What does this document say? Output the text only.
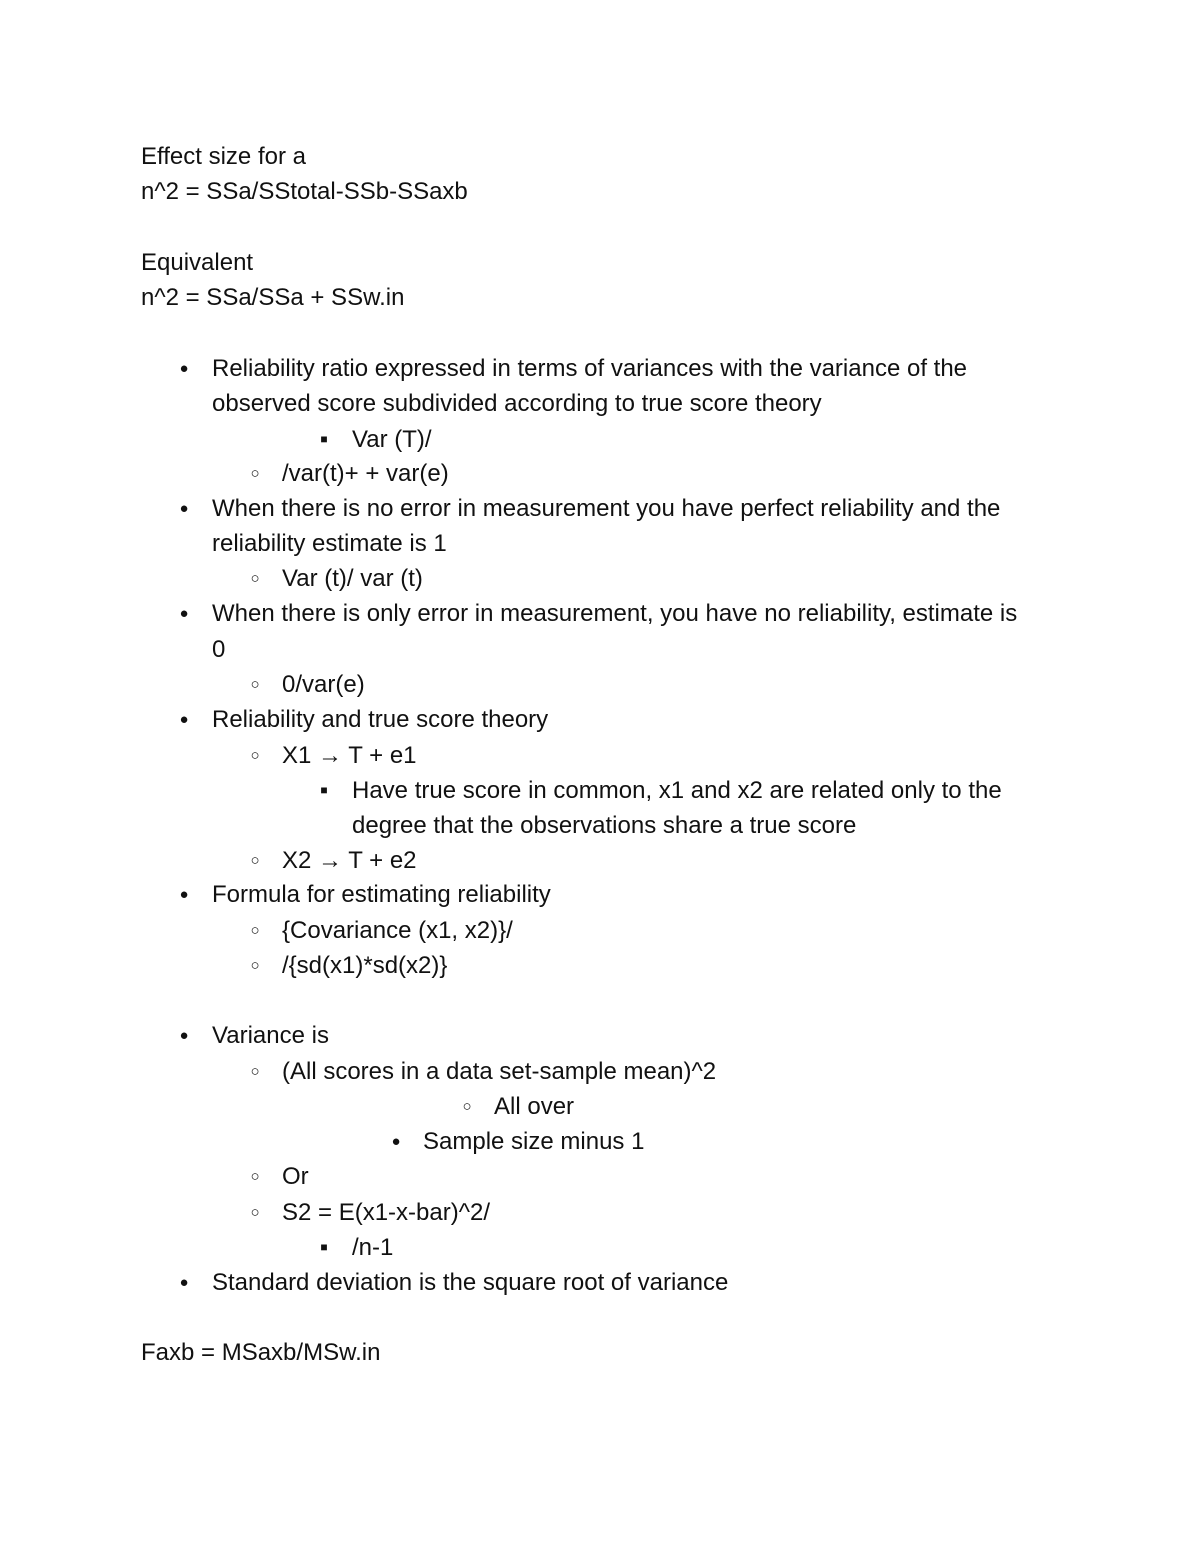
Effect size for a

n^2 = SSa/SStotal-SSb-SSaxb

Equivalent

n^2 = SSa/SSa + SSw.in

● Reliability ratio expressed in terms of variances with the variance of the

observed score subdivided according to true score theory

■	Var (T)/

○ /var(t)+ + var(e)

● When there is no error in measurement you have perfect reliability and the

reliability estimate is 1

○ Var (t)/ var (t)

● When there is only error in measurement, you have no reliability, estimate is

0

○ 0/var(e)

● Reliability and true score theory

○ X1 → T + e1

■	Have true score in common, x1 and x2 are related only to the

degree that the observations share a true score

○ X2 → T + e2

● Formula for estimating reliability

○ {Covariance (x1, x2)}/

○ /{sd(x1)*sd(x2)}

● Variance is

○ (All scores in a data set-sample mean)^2

○ All over

● Sample size minus 1

○ Or

○ S2 = E(x1-x-bar)^2/

■	/n-1

● Standard deviation is the square root of variance

Faxb = MSaxb/MSw.in
